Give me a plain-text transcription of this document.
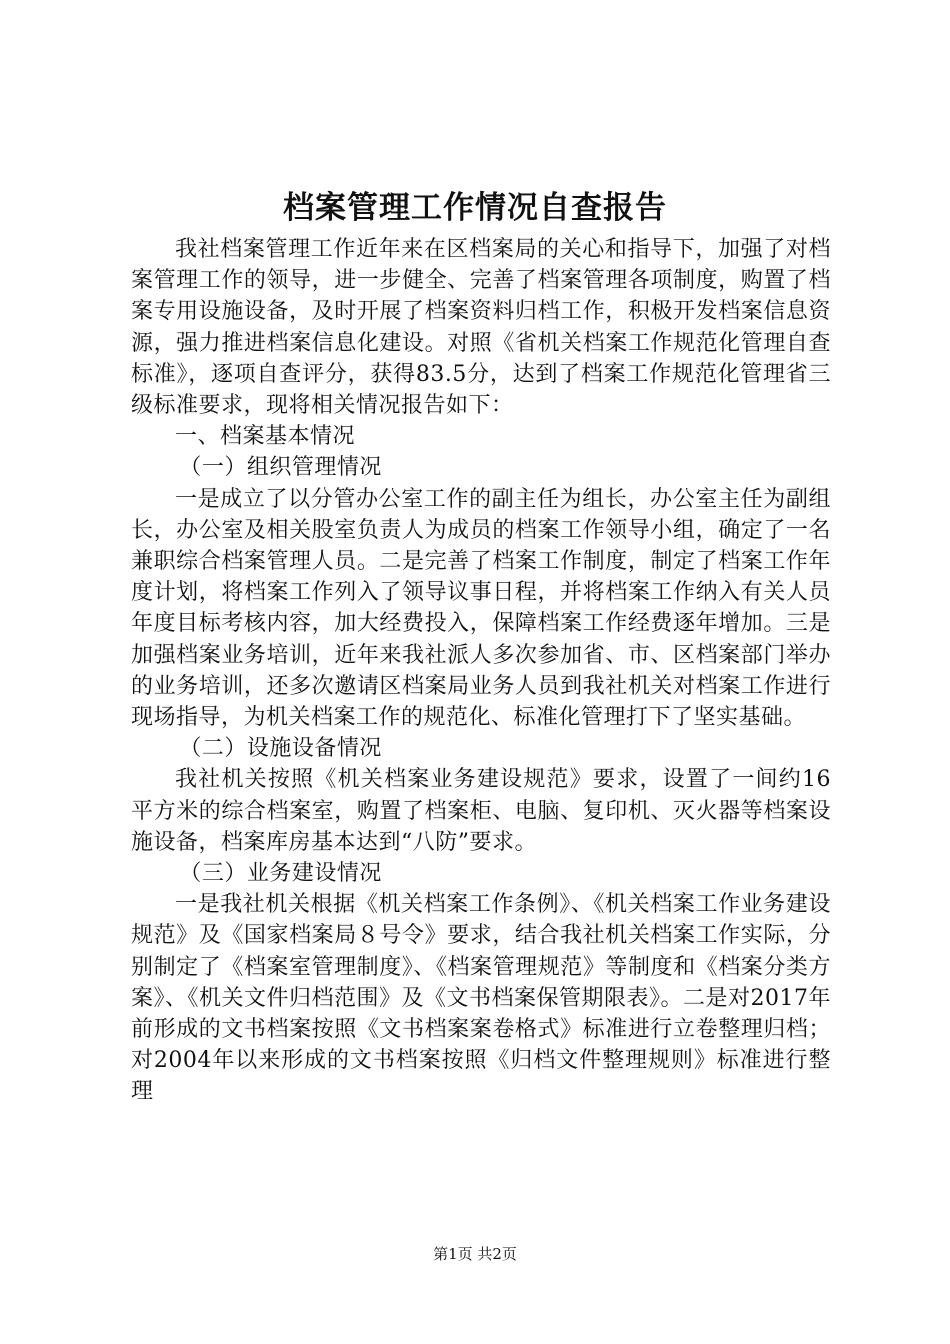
档案管理工作情况自查报告

我社档案管理工作近年来在区档案局的关心和指导下，加强了对档案管理工作的领导，进一步健全、完善了档案管理各项制度，购置了档案专用设施设备，及时开展了档案资料归档工作，积极开发档案信息资源，强力推进档案信息化建设。对照《省机关档案工作规范化管理自查标准》，逐项自查评分，获得83.5分，达到了档案工作规范化管理省三级标准要求，现将相关情况报告如下：

一、档案基本情况

（一）组织管理情况

一是成立了以分管办公室工作的副主任为组长，办公室主任为副组长，办公室及相关股室负责人为成员的档案工作领导小组，确定了一名兼职综合档案管理人员。二是完善了档案工作制度，制定了档案工作年度计划，将档案工作列入了领导议事日程，并将档案工作纳入有关人员年度目标考核内容，加大经费投入，保障档案工作经费逐年增加。三是加强档案业务培训，近年来我社派人多次参加省、市、区档案部门举办的业务培训，还多次邀请区档案局业务人员到我社机关对档案工作进行现场指导，为机关档案工作的规范化、标准化管理打下了坚实基础。

（二）设施设备情况

我社机关按照《机关档案业务建设规范》要求，设置了一间约16平方米的综合档案室，购置了档案柜、电脑、复印机、灭火器等档案设施设备，档案库房基本达到“八防”要求。

（三）业务建设情况

一是我社机关根据《机关档案工作条例》、《机关档案工作业务建设规范》及《国家档案局８号令》要求，结合我社机关档案工作实际，分别制定了《档案室管理制度》、《档案管理规范》等制度和《档案分类方案》、《机关文件归档范围》及《文书档案保管期限表》。二是对2017年前形成的文书档案按照《文书档案案卷格式》标准进行立卷整理归档；对2004年以来形成的文书档案按照《归档文件整理规则》标准进行整理

第1页 共2页
